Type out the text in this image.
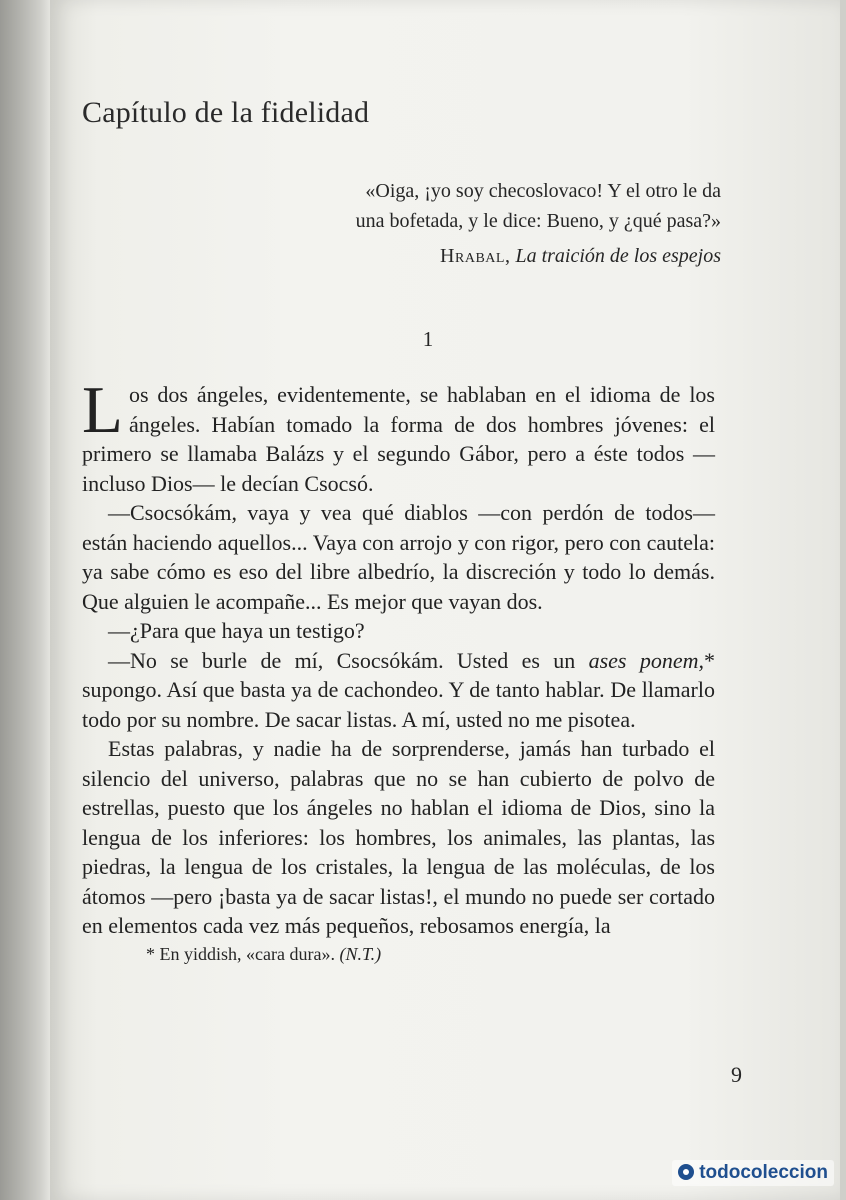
Capítulo de la fidelidad

«Oiga, ¡yo soy checoslovaco! Y el otro le da

una bofetada, y le dice: Bueno, y ¿qué pasa?»

Hrabal, La traición de los espejos
1

Los dos ángeles, evidentemente, se hablaban en el idioma de los ángeles. Habían tomado la forma de dos hombres jóvenes: el primero se llamaba Balázs y el segundo Gábor, pero a éste todos —incluso Dios— le decían Csocsó.

—Csocsókám, vaya y vea qué diablos —con perdón de todos— están haciendo aquellos... Vaya con arrojo y con rigor, pero con cautela: ya sabe cómo es eso del libre albedrío, la discreción y todo lo demás. Que alguien le acompañe... Es mejor que vayan dos.

—¿Para que haya un testigo?

—No se burle de mí, Csocsókám. Usted es un ases ponem,* supongo. Así que basta ya de cachondeo. Y de tanto hablar. De llamarlo todo por su nombre. De sacar listas. A mí, usted no me pisotea.

Estas palabras, y nadie ha de sorprenderse, jamás han turbado el silencio del universo, palabras que no se han cubierto de polvo de estrellas, puesto que los ángeles no hablan el idioma de Dios, sino la lengua de los inferiores: los hombres, los animales, las plantas, las piedras, la lengua de los cristales, la lengua de las moléculas, de los átomos —pero ¡basta ya de sacar listas!, el mundo no puede ser cortado en elementos cada vez más pequeños, rebosamos energía, la

* En yiddish, «cara dura». (N.T.)
9
todocoleccion
